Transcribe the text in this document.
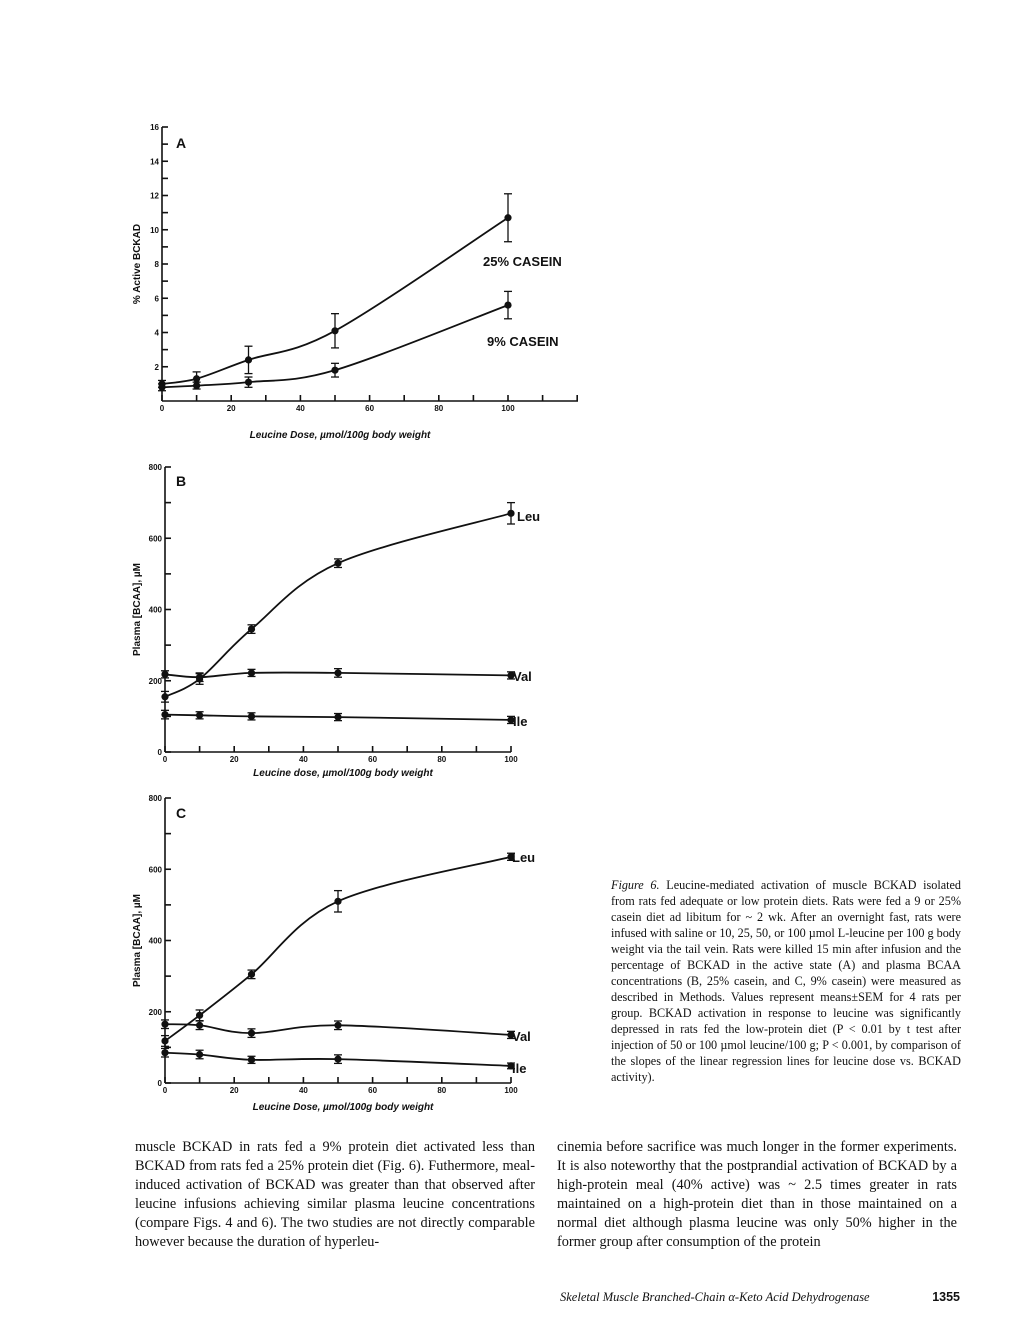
2
4
6
8
10
12
14
16
0	20	40	60	80	100
Leucine Dose, µmol/100g body weight
% Active BCKAD
A
25% CASEIN
9% CASEIN
0
200
400
600
800
0	20	40	60	80	100
Leucine dose, µmol/100g body weight
Plasma [BCAA], µM
B
Leu
Val
Ile
0
200
400
600
800
0	20	40	60	80	100
Leucine Dose, µmol/100g body weight
Plasma [BCAA], µM
C
Leu
Val
Ile
Figure 6. Leucine-mediated activation of muscle BCKAD isolated from rats fed adequate or low protein diets. Rats were fed a 9 or 25% casein diet ad libitum for ~ 2 wk. After an overnight fast, rats were infused with saline or 10, 25, 50, or 100 µmol L-leucine per 100 g body weight via the tail vein. Rats were killed 15 min after infusion and the percentage of BCKAD in the active state (A) and plasma BCAA concentrations (B, 25% casein, and C, 9% casein) were measured as described in Methods. Values represent means±SEM for 4 rats per group. BCKAD activation in response to leucine was significantly depressed in rats fed the low-protein diet (P < 0.01 by t test after injection of 50 or 100 µmol leucine/100 g; P < 0.001, by comparison of the slopes of the linear regression lines for leucine dose vs. BCKAD activity).
muscle BCKAD in rats fed a 9% protein diet activated less than BCKAD from rats fed a 25% protein diet (Fig. 6). Futhermore, meal-induced activation of BCKAD was greater than that observed after leucine infusions achieving similar plasma leucine concentrations (compare Figs. 4 and 6). The two studies are not directly comparable however because the duration of hyperleu-
cinemia before sacrifice was much longer in the former experiments. It is also noteworthy that the postprandial activation of BCKAD by a high-protein meal (40% active) was ~ 2.5 times greater in rats maintained on a high-protein diet than in those maintained on a normal diet although plasma leucine was only 50% higher in the former group after consumption of the protein
Skeletal Muscle Branched-Chain α-Keto Acid Dehydrogenase	1355
